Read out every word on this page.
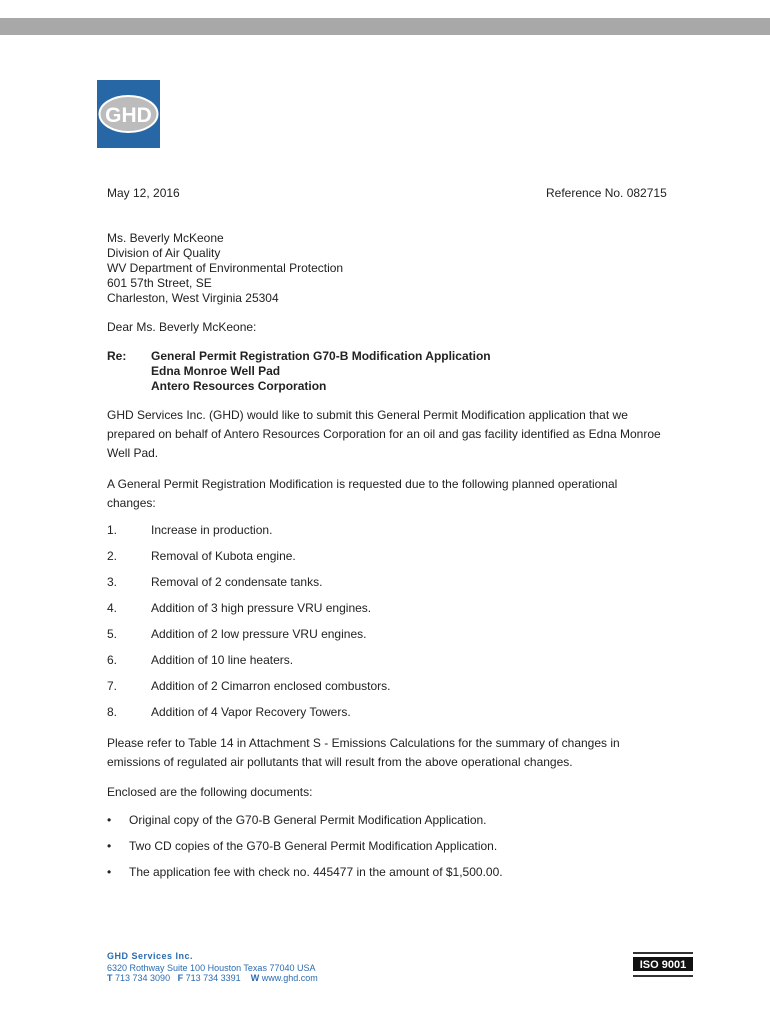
GHD
May 12, 2016	Reference No. 082715
Ms. Beverly McKeone
Division of Air Quality
WV Department of Environmental Protection
601 57th Street, SE
Charleston, West Virginia 25304
Dear Ms. Beverly McKeone:
Re: General Permit Registration G70-B Modification Application
Edna Monroe Well Pad
Antero Resources Corporation
GHD Services Inc. (GHD) would like to submit this General Permit Modification application that we prepared on behalf of Antero Resources Corporation for an oil and gas facility identified as Edna Monroe Well Pad.
A General Permit Registration Modification is requested due to the following planned operational changes:
1.	Increase in production.
2.	Removal of Kubota engine.
3.	Removal of 2 condensate tanks.
4.	Addition of 3 high pressure VRU engines.
5.	Addition of 2 low pressure VRU engines.
6.	Addition of 10 line heaters.
7.	Addition of 2 Cimarron enclosed combustors.
8.	Addition of 4 Vapor Recovery Towers.
Please refer to Table 14 in Attachment S - Emissions Calculations for the summary of changes in emissions of regulated air pollutants that will result from the above operational changes.
Enclosed are the following documents:
• Original copy of the G70-B General Permit Modification Application.
• Two CD copies of the G70-B General Permit Modification Application.
• The application fee with check no. 445477 in the amount of $1,500.00.
GHD Services Inc.
6320 Rothway Suite 100 Houston Texas 77040 USA
T 713 734 3090 F 713 734 3391 W www.ghd.com
ISO 9001
